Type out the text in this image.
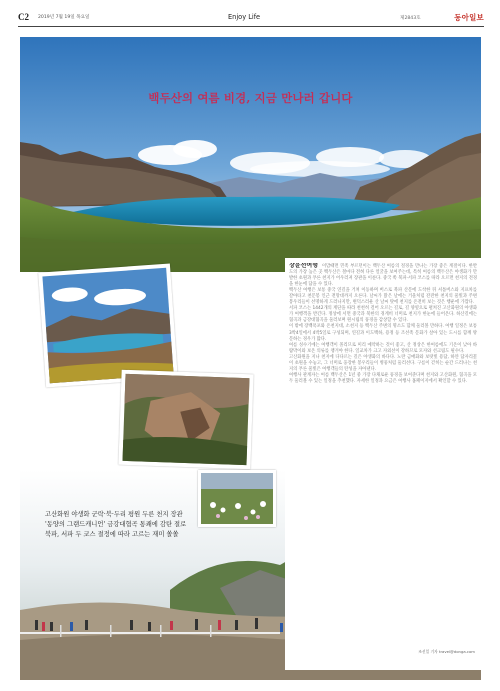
C2 2019년 7월 19일 목요일	Enjoy Life	제2843호	동아일보
백두산의 여름 비경, 지금 만나러 갑니다

고산화원 야생화 군락·북·두리 평원 두른 천지 장관

'동양의 그랜드캐니언' 금강대협곡 통쾌에 감탄 절로

북파, 서파 두 코스 절정에 따라 고르는 재미 쏠쏠

장윤선여행 이맘때면 민족 부르던이는 백두산 여름의 절경을 만나는 가장 좋은 계절이다. 한반도의 가장 높은 곳 백두산은 철마다 전혀 다른 얼굴을 보여주는데, 특히 여름의 백두산은 야생화가 만발한 초원과 푸른 천지가 어우러져 장관을 이룬다. 중국 쪽 북파·서파 코스를 따라 오르면 천지의 전경을 한눈에 담을 수 있다.

백두산 여행은 보통 중국 연길을 거쳐 이동하며 버스로 북파 산문에 도착한 뒤 셔틀버스와 지프차를 갈아타고 천문봉 인근 전망대까지 오른다. 날씨가 맑은 날에는 거울처럼 잔잔한 천지의 물빛과 주변 봉우리들이 선명하게 드러나지만, 변덕스러운 산 날씨 탓에 천지를 온전히 보는 것은 행운에 가깝다.

서파 코스는 1442개의 계단을 따라 천천히 걸어 오르는 길로, 길 양옆으로 펼쳐진 고산화원의 야생화가 여행객을 반긴다. 정상에 서면 중국과 북한의 경계비 너머로 천지가 한눈에 들어온다. 하산길에는 협곡과 금강대협곡을 둘러보며 원시림의 풍경을 감상할 수 있다.

이 밖에 장백폭포와 온천지대, 소천지 등 백두산 주변의 명소도 함께 둘러볼 만하다. 여행 일정은 보통 3박4일에서 4박5일로 구성되며, 연길과 이도백하, 용정 등 조선족 문화가 살아 있는 도시를 함께 방문하는 경우가 많다.

여름 성수기에는 여행객이 몰리므로 미리 예약하는 것이 좋고, 산 정상은 한여름에도 기온이 낮아 바람막이와 보온 의류를 챙겨야 한다. 일교차가 크고 자외선이 강하므로 모자와 선크림도 필수다.

고산화원을 지나 천지에 다다르는 길은 야생화의 바다다. 노란 금매화와 보랏빛 용담, 하얀 담자리꽃이 초원을 수놓고, 그 너머로 웅장한 봉우리들이 병풍처럼 둘러선다. 구름이 걷히는 순간 드러나는 천지의 푸른 물빛은 여행객들의 탄성을 자아낸다.

여행사 관계자는 여름 백두산은 1년 중 가장 다채로운 풍경을 보여준다며 천지와 고산화원, 협곡을 모두 둘러볼 수 있는 일정을 추천했다. 자세한 일정과 요금은 여행사 홈페이지에서 확인할 수 있다.

조선일 기자 travel@donga.com
